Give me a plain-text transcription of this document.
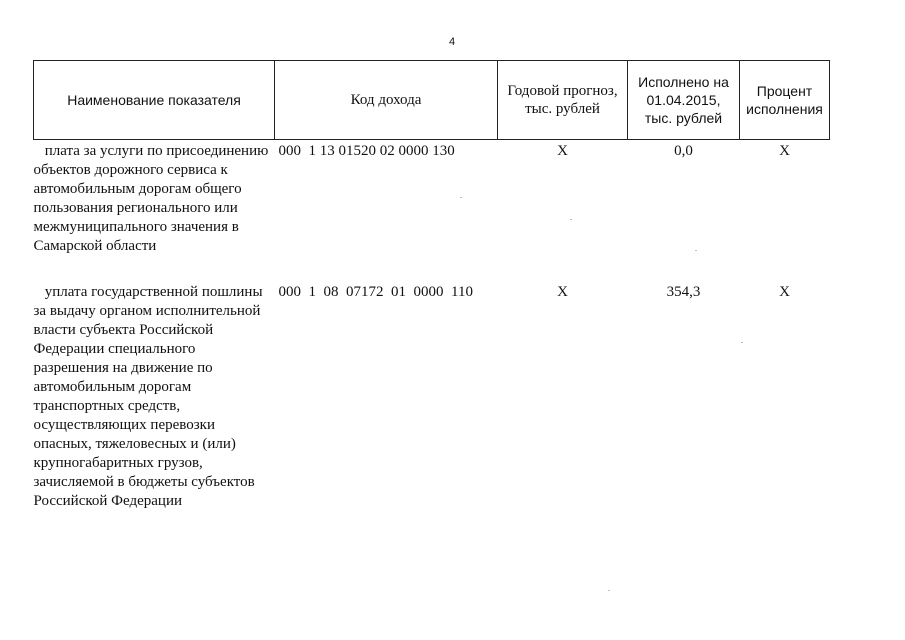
4
Наименование показателя	Код дохода	Годовой прогноз, тыс. рублей	Исполнено на 01.04.2015, тыс. рублей	Процент исполнения
плата за услуги по присоединению объектов дорожного сервиса к автомобильным дорогам общего пользования регионального или межмуниципального значения в Самарской области	000  1 13 01520 02 0000 130	Х	0,0	Х
уплата государственной пошлины за выдачу органом исполнительной власти субъекта Российской Федерации специального разрешения на движение по автомобильным дорогам транспортных средств, осуществляющих перевозки опасных, тяжеловесных и (или) крупногабаритных грузов, зачисляемой в бюджеты субъектов Российской Федерации	000  1  08  07172  01  0000  110	Х	354,3	Х
